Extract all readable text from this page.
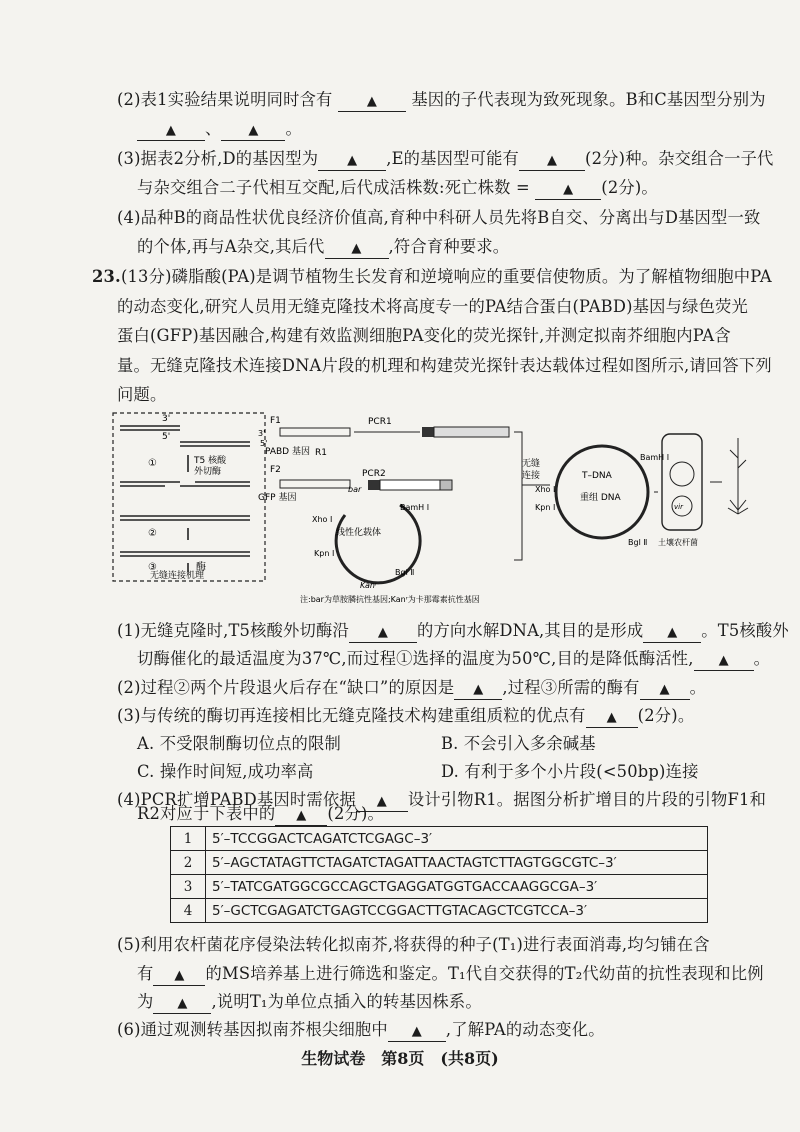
(2)表1实验结果说明同时含有	▲ 基因的子代表现为致死现象。B和C基因型分别为
▲ 、 ▲ 。
(3)据表2分析,D的基因型为 ▲ ,E的基因型可能有 ▲ (2分)种。杂交组合一子代
与杂交组合二子代相互交配,后代成活株数:死亡株数 =	▲ (2分)。
(4)品种B的商品性状优良经济价值高,育种中科研人员先将B自交、分离出与D基因型一致
的个体,再与A杂交,其后代 ▲ ,符合育种要求。
23.(13分)磷脂酸(PA)是调节植物生长发育和逆境响应的重要信使物质。为了解植物细胞中PA
的动态变化,研究人员用无缝克隆技术将高度专一的PA结合蛋白(PABD)基因与绿色荧光
蛋白(GFP)基因融合,构建有效监测细胞PA变化的荧光探针,并测定拟南芥细胞内PA含
量。无缝克隆技术连接DNA片段的机理和构建荧光探针表达载体过程如图所示,请回答下列
问题。
3'
5'
①	T5 核酸
外切酶
②
③	酶
无缝连接机理
F1
3'
5'
PABD 基因 R1
PCR1
F2
GFP 基因
PCR2
无缝
连接
线性化载体
Xho Ⅰ
Kpn Ⅰ
BamH Ⅰ
Bgl Ⅱ
bar
Kanʳ
T–DNA
重组 DNA
BamH Ⅰ
Xho Ⅰ
Kpn Ⅰ
Bgl Ⅱ
vir
土壤农杆菌
注:bar为草胺膦抗性基因;Kanʳ为卡那霉素抗性基因
(1)无缝克隆时,T5核酸外切酶沿 ▲ 的方向水解DNA,其目的是形成 ▲ 。T5核酸外
切酶催化的最适温度为37℃,而过程①选择的温度为50℃,目的是降低酶活性, ▲ 。
(2)过程②两个片段退火后存在“缺口”的原因是 ▲ ,过程③所需的酶有 ▲ 。
(3)与传统的酶切再连接相比无缝克隆技术构建重组质粒的优点有 ▲ (2分)。
A. 不受限制酶切位点的限制	B. 不会引入多余碱基
C. 操作时间短,成功率高	D. 有利于多个小片段(<50bp)连接
(4)PCR扩增PABD基因时需依据 ▲ 设计引物R1。据图分析扩增目的片段的引物F1和
R2对应于下表中的 ▲ (2分)。
1	5′–TCCGGACTCAGATCTCGAGC–3′
2	5′–AGCTATAGTTCTAGATCTAGATTAACTAGTCTTAGTGGCGTC–3′
3	5′–TATCGATGGCGCCAGCTGAGGATGGTGACCAAGGCGA–3′
4	5′–GCTCGAGATCTGAGTCCGGACTTGTACAGCTCGTCCA–3′
(5)利用农杆菌花序侵染法转化拟南芥,将获得的种子(T₁)进行表面消毒,均匀铺在含
有 ▲ 的MS培养基上进行筛选和鉴定。T₁代自交获得的T₂代幼苗的抗性表现和比例
为 ▲ ,说明T₁为单位点插入的转基因株系。
(6)通过观测转基因拟南芥根尖细胞中 ▲ ,了解PA的动态变化。
生物试卷　第8页　(共8页)
